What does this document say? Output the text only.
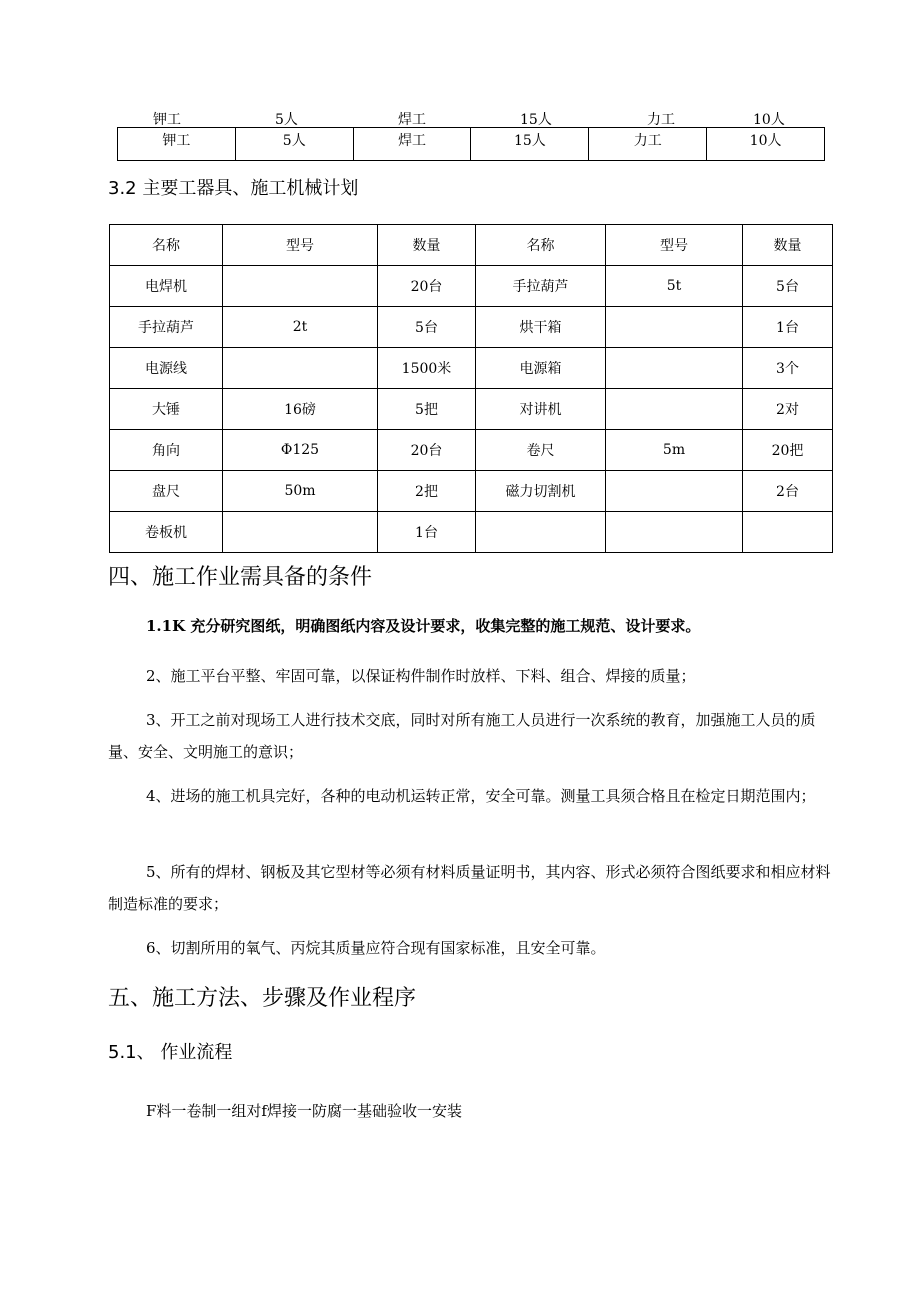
钾工	5人	焊工	15人	力工	10人
钾工	5人	焊工	15人	力工	10人
3.2 主要工器具、施工机械计划
名称	型号	数量	名称	型号	数量
电焊机		20台	手拉葫芦	5t	5台
手拉葫芦	2t	5台	烘干箱		1台
电源线		1500米	电源箱		3个
大锤	16磅	5把	对讲机		2对
角向	Φ125	20台	卷尺	5m	20把
盘尺	50m	2把	磁力切割机		2台
卷板机		1台			
四、施工作业需具备的条件

1.1K 充分研究图纸，明确图纸内容及设计要求，收集完整的施工规范、设计要求。

2、施工平台平整、牢固可靠，以保证构件制作时放样、下料、组合、焊接的质量；

3、开工之前对现场工人进行技术交底，同时对所有施工人员进行一次系统的教育，加强施工人员的质量、安全、文明施工的意识；

4、进场的施工机具完好，各种的电动机运转正常，安全可靠。测量工具须合格且在检定日期范围内；

5、所有的焊材、钢板及其它型材等必须有材料质量证明书，其内容、形式必须符合图纸要求和相应材料制造标准的要求；

6、切割所用的氧气、丙烷其质量应符合现有国家标准，且安全可靠。

五、施工方法、步骤及作业程序
5.1、 作业流程

F料一卷制一组对f焊接一防腐一基础验收一安装
